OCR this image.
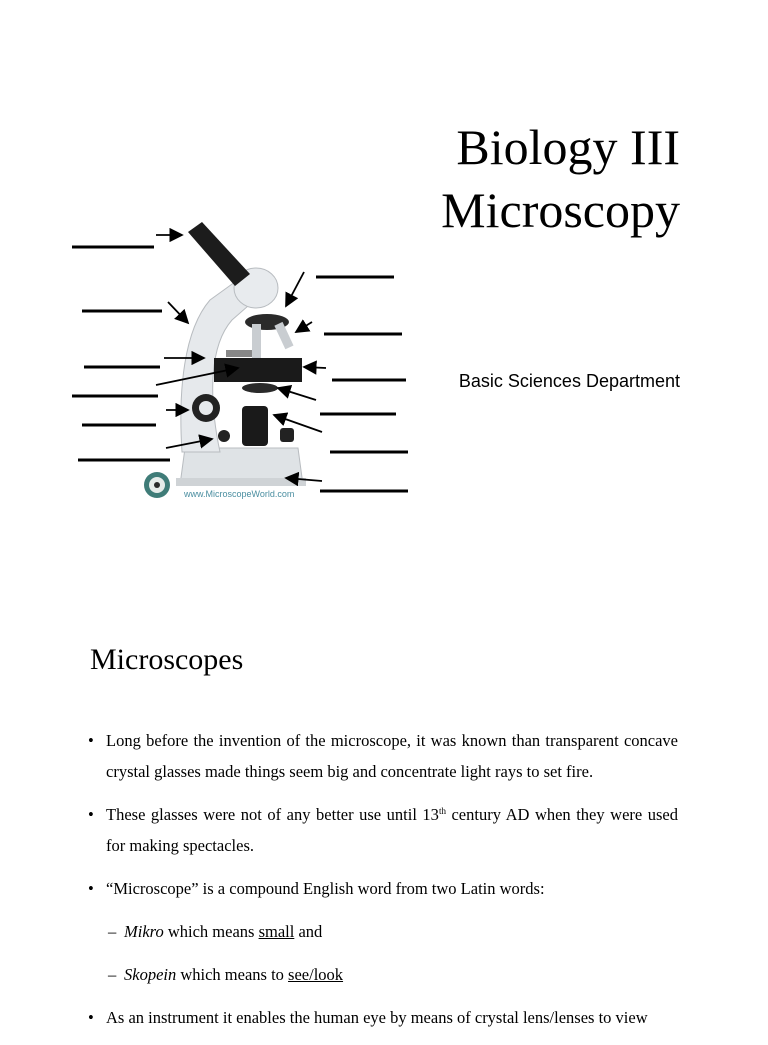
Biology III
Microscopy
Basic Sciences Department
www.MicroscopeWorld.com
Microscopes
• Long before the invention of the microscope, it was known than transparent concave crystal glasses made things seem big and concentrate light rays to set fire.
• These glasses were not of any better use until 13th century AD when they were used for making spectacles.
• “Microscope” is a compound English word from two Latin words:
– Mikro which means small and
– Skopein which means to see/look
• As an instrument it enables the human eye by means of crystal lens/lenses to view
